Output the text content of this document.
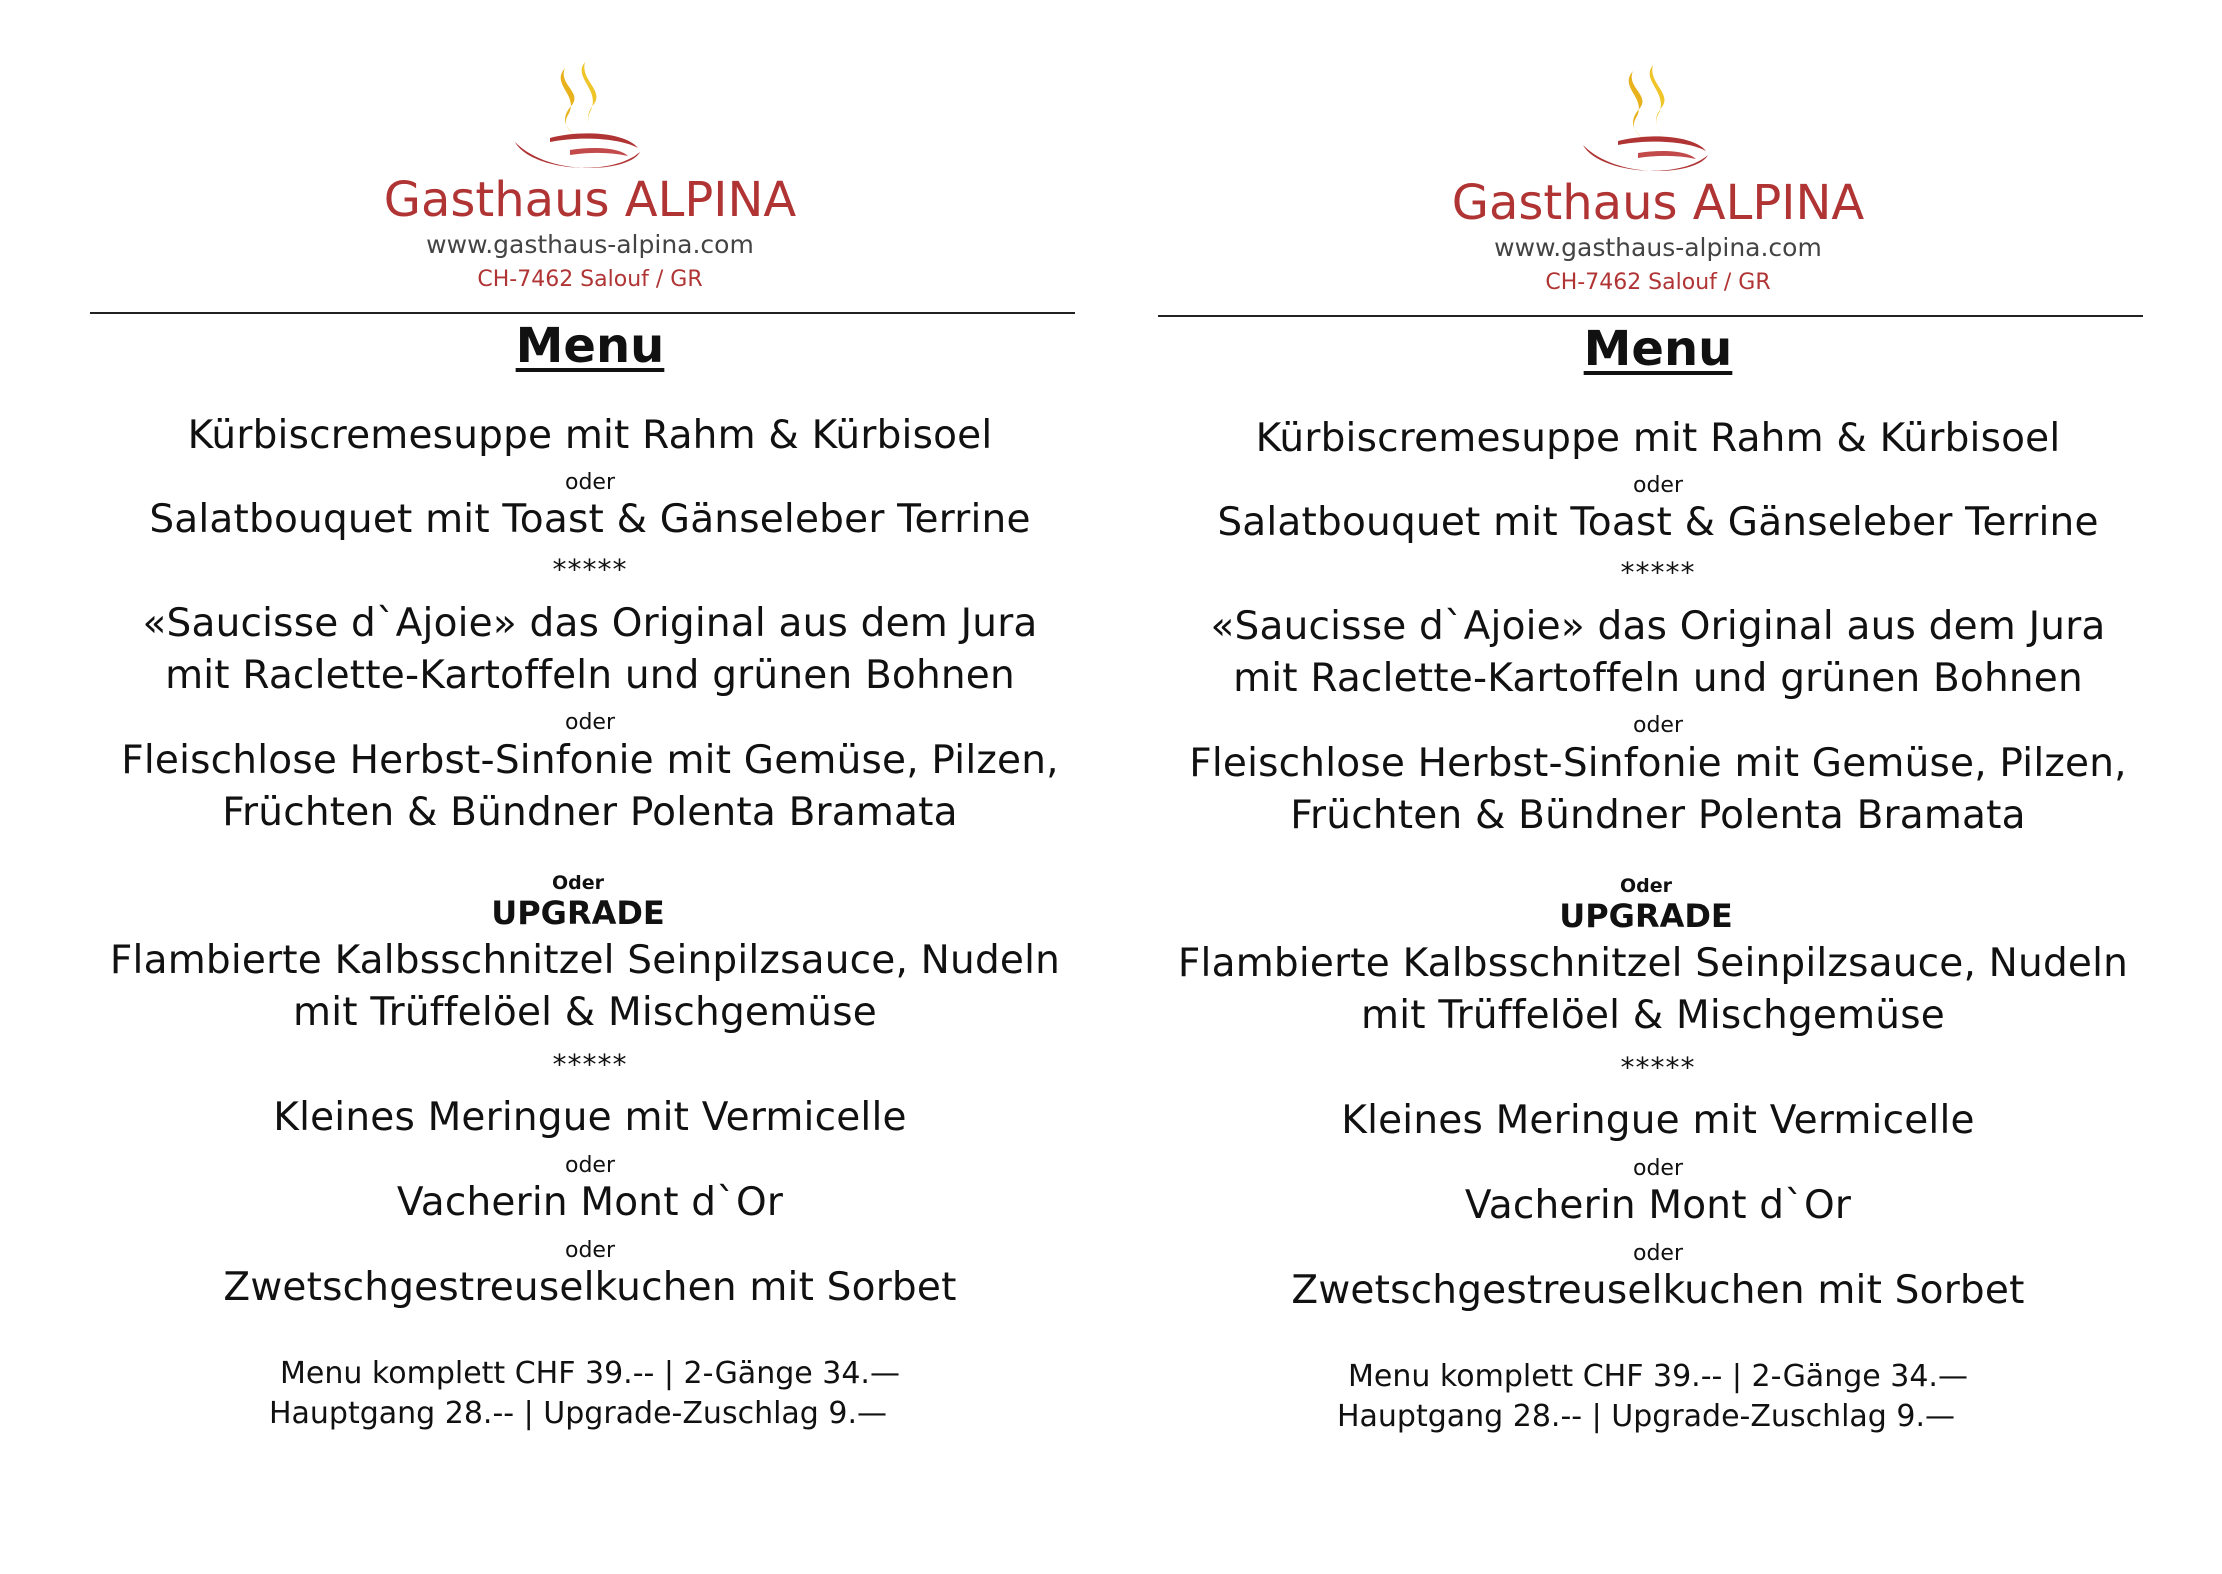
Gasthaus ALPINA
www.gasthaus-alpina.com
CH-7462 Salouf / GR
Menu
Kürbiscremesuppe mit Rahm & Kürbisoel
oder
Salatbouquet mit Toast & Gänseleber Terrine
*****
«Saucisse d`Ajoie» das Original aus dem Jura
mit Raclette-Kartoffeln und grünen Bohnen
oder
Fleischlose Herbst-Sinfonie mit Gemüse, Pilzen,
Früchten & Bündner Polenta Bramata
Oder
UPGRADE
Flambierte Kalbsschnitzel Seinpilzsauce, Nudeln
mit Trüffelöel & Mischgemüse
*****
Kleines Meringue mit Vermicelle
oder
Vacherin Mont d`Or
oder
Zwetschgestreuselkuchen mit Sorbet
Menu komplett CHF 39.-- | 2-Gänge 34.—
Hauptgang 28.-- | Upgrade-Zuschlag 9.—
Gasthaus ALPINA
www.gasthaus-alpina.com
CH-7462 Salouf / GR
Menu
Kürbiscremesuppe mit Rahm & Kürbisoel
oder
Salatbouquet mit Toast & Gänseleber Terrine
*****
«Saucisse d`Ajoie» das Original aus dem Jura
mit Raclette-Kartoffeln und grünen Bohnen
oder
Fleischlose Herbst-Sinfonie mit Gemüse, Pilzen,
Früchten & Bündner Polenta Bramata
Oder
UPGRADE
Flambierte Kalbsschnitzel Seinpilzsauce, Nudeln
mit Trüffelöel & Mischgemüse
*****
Kleines Meringue mit Vermicelle
oder
Vacherin Mont d`Or
oder
Zwetschgestreuselkuchen mit Sorbet
Menu komplett CHF 39.-- | 2-Gänge 34.—
Hauptgang 28.-- | Upgrade-Zuschlag 9.—
